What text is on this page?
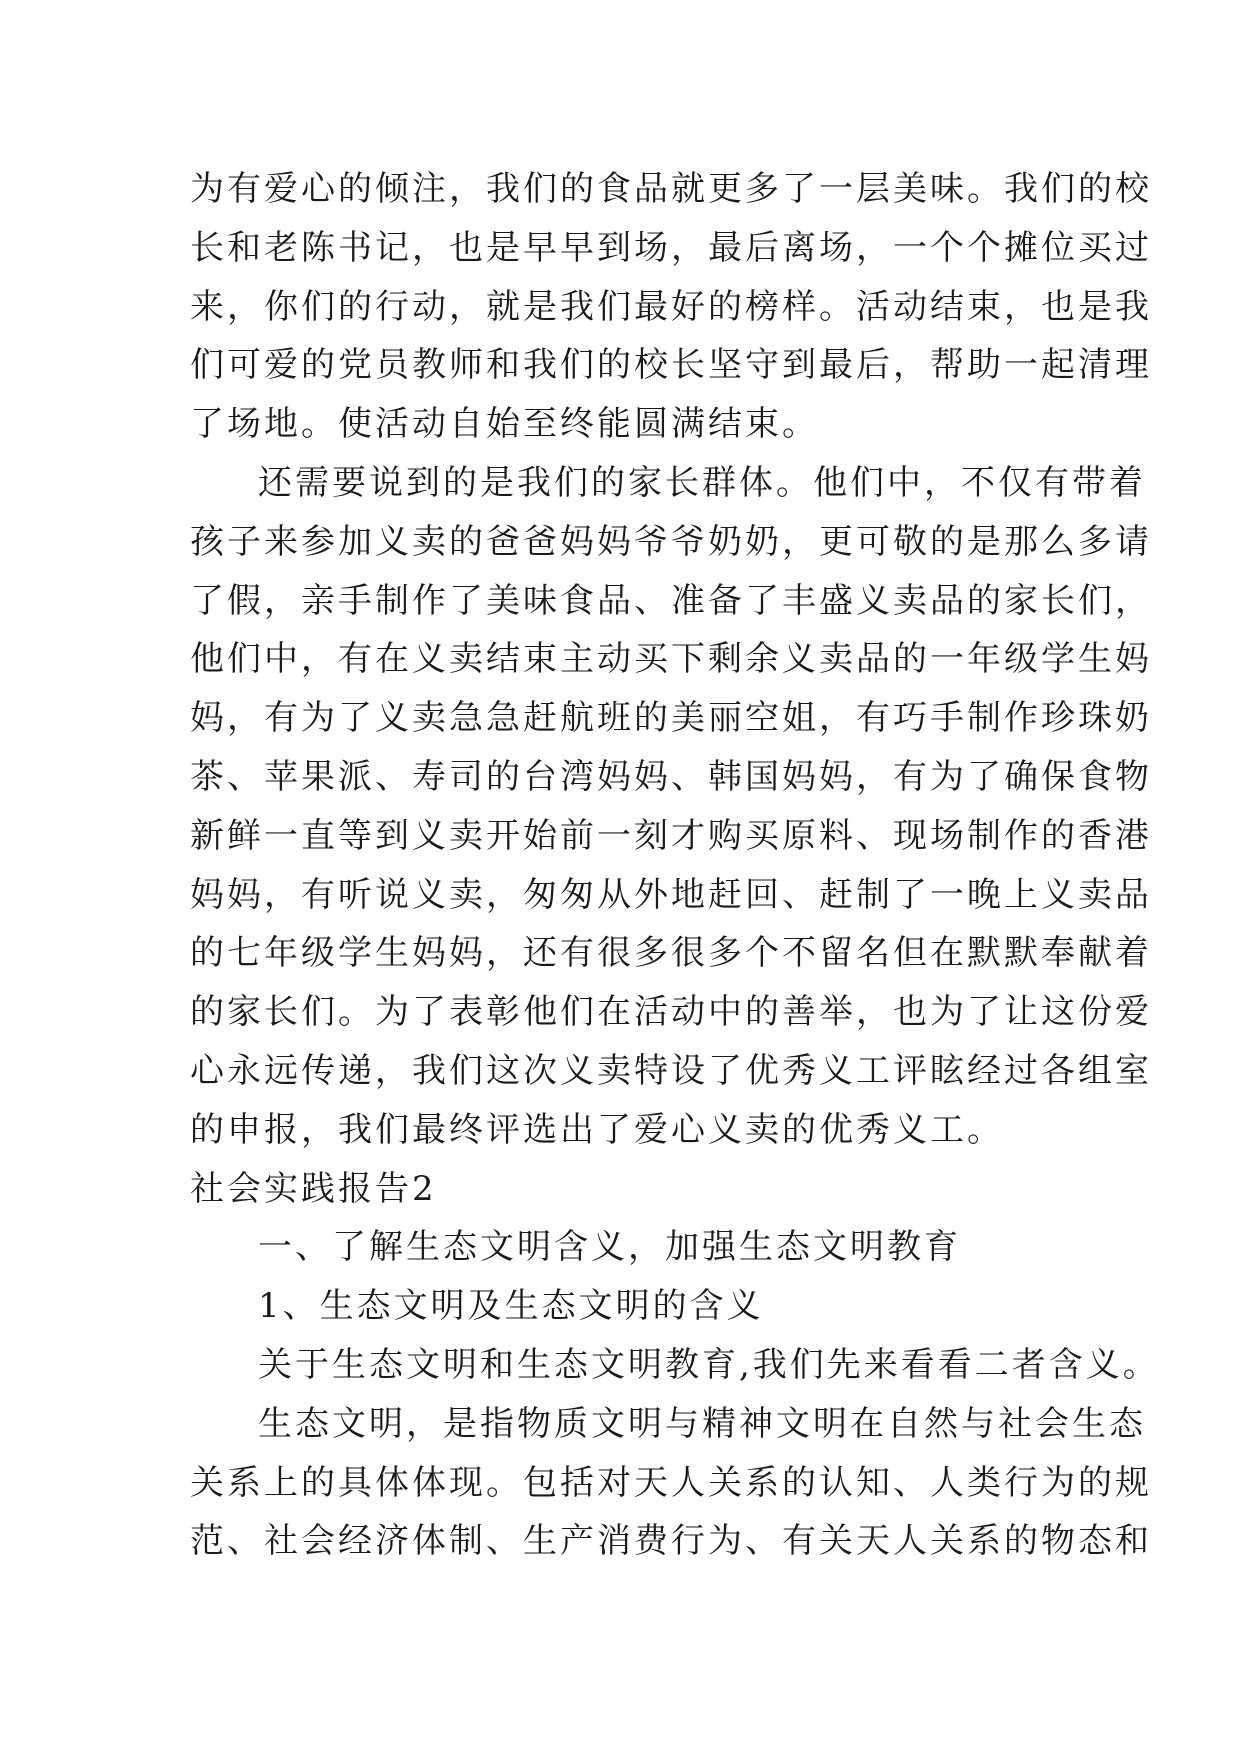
为有爱心的倾注，我们的食品就更多了一层美味。我们的校
长和老陈书记，也是早早到场，最后离场，一个个摊位买过
来，你们的行动，就是我们最好的榜样。活动结束，也是我
们可爱的党员教师和我们的校长坚守到最后，帮助一起清理
了场地。使活动自始至终能圆满结束。
还需要说到的是我们的家长群体。他们中，不仅有带着
孩子来参加义卖的爸爸妈妈爷爷奶奶，更可敬的是那么多请
了假，亲手制作了美味食品、准备了丰盛义卖品的家长们，
他们中，有在义卖结束主动买下剩余义卖品的一年级学生妈
妈，有为了义卖急急赶航班的美丽空姐，有巧手制作珍珠奶
茶、苹果派、寿司的台湾妈妈、韩国妈妈，有为了确保食物
新鲜一直等到义卖开始前一刻才购买原料、现场制作的香港
妈妈，有听说义卖，匆匆从外地赶回、赶制了一晚上义卖品
的七年级学生妈妈，还有很多很多个不留名但在默默奉献着
的家长们。为了表彰他们在活动中的善举，也为了让这份爱
心永远传递，我们这次义卖特设了优秀义工评眩经过各组室
的申报，我们最终评选出了爱心义卖的优秀义工。
社会实践报告2
一、了解生态文明含义，加强生态文明教育
1、生态文明及生态文明的含义
关于生态文明和生态文明教育,我们先来看看二者含义。
生态文明，是指物质文明与精神文明在自然与社会生态
关系上的具体体现。包括对天人关系的认知、人类行为的规
范、社会经济体制、生产消费行为、有关天人关系的物态和
